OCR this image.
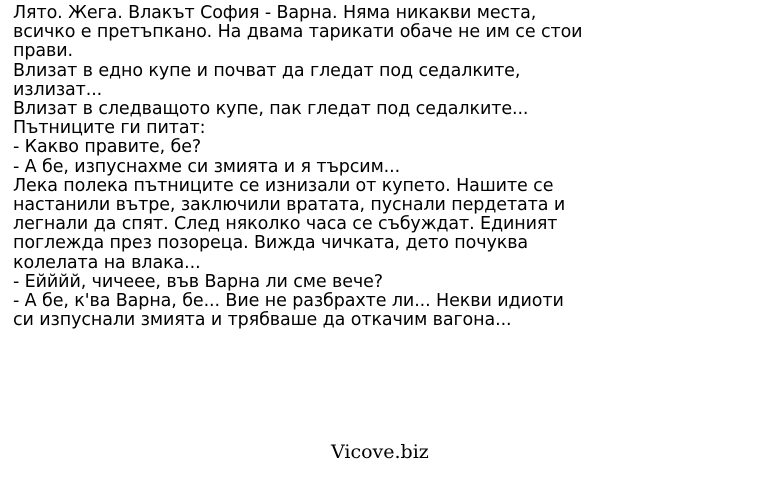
Лято. Жега. Влакът София - Варна. Няма никакви места,
всичко е претъпкано. На двама тарикати обаче не им се стои
прави.
Влизат в едно купе и почват да гледат под седалките,
излизат...
Влизат в следващото купе, пак гледат под седалките...
Пътниците ги питат:
- Какво правите, бе?
- А бе, изпуснахме си змията и я търсим...
Лека полека пътниците се изнизали от купето. Нашите се
настанили вътре, заключили вратата, пуснали пердетата и
легнали да спят. След няколко часа се събуждат. Единият
поглежда през позореца. Вижда чичката, дето почуква
колелата на влака...
- Ейййй, чичеее, във Варна ли сме вече?
- А бе, к'ва Варна, бе... Вие не разбрахте ли... Некви идиоти
си изпуснали змията и трябваше да откачим вагона...
Vicove.biz
